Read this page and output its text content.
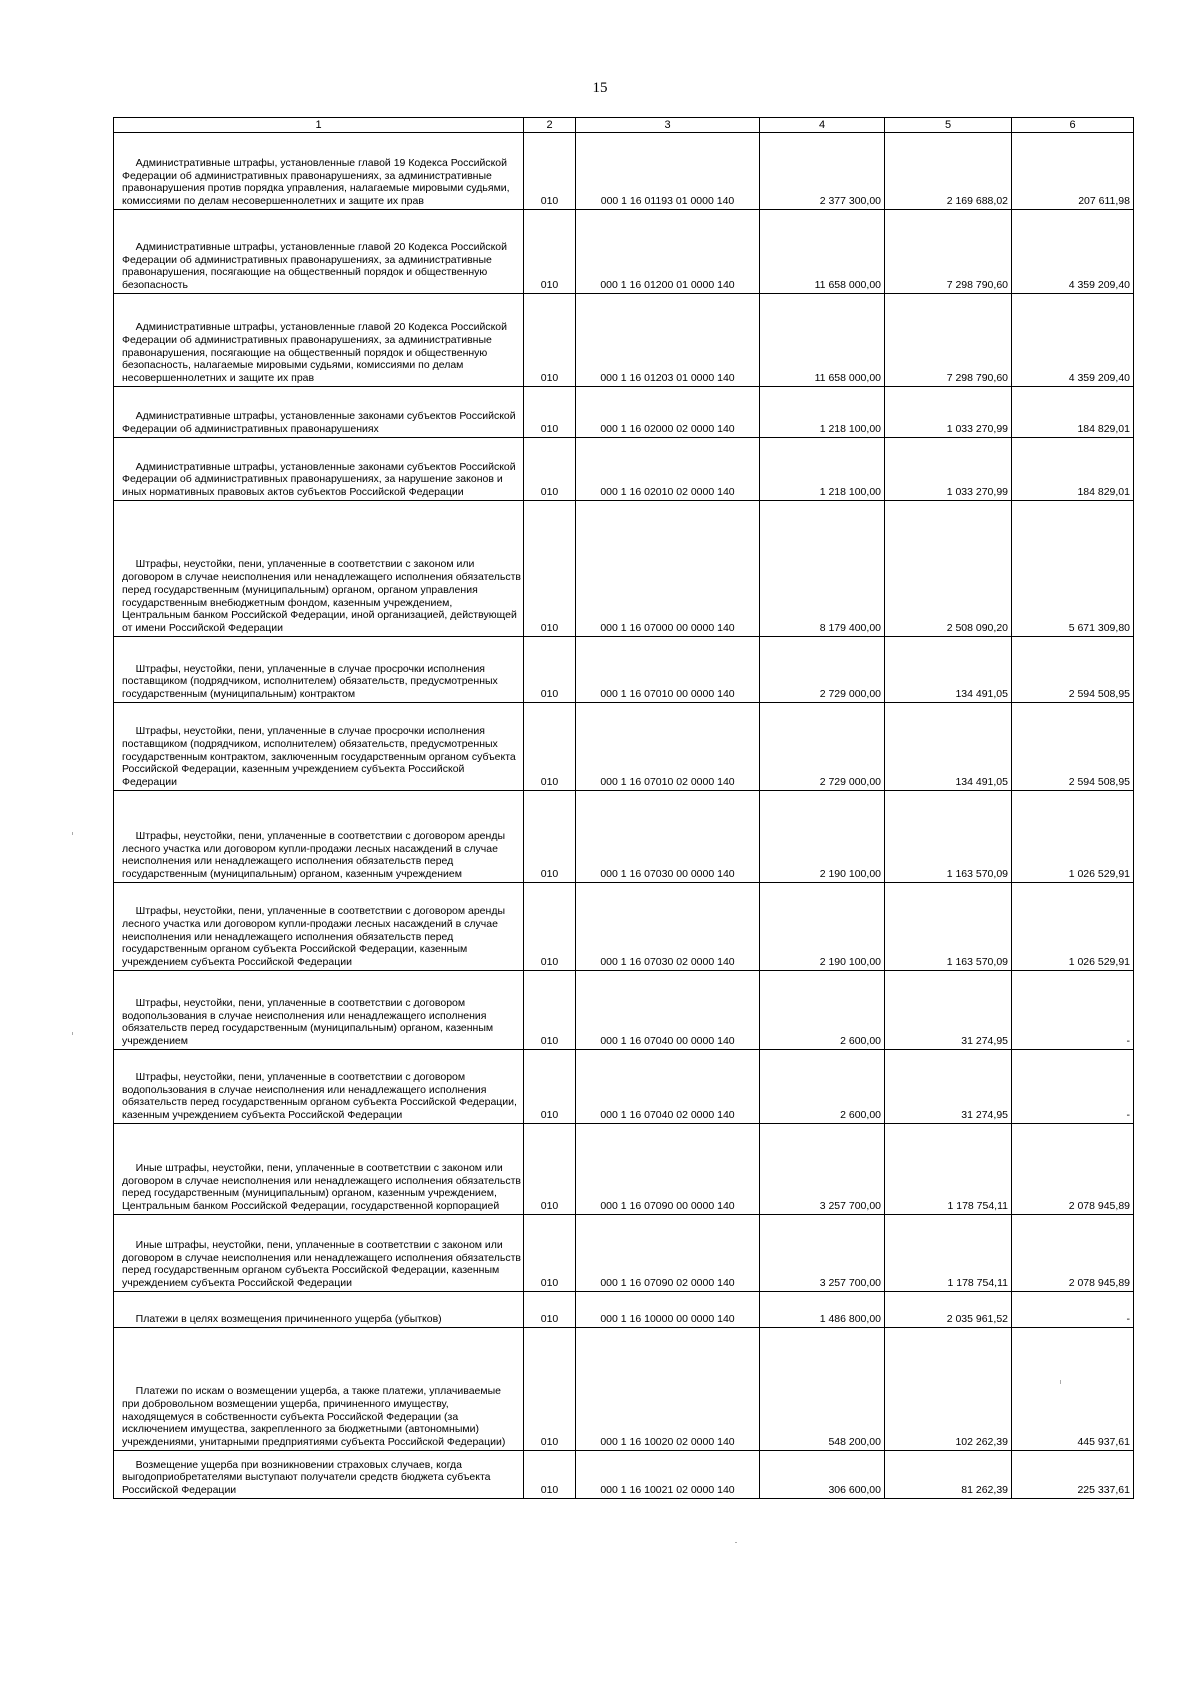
15
1	2	3	4	5	6
Административные штрафы, установленные главой 19 Кодекса Российской Федерации об административных правонарушениях, за административные правонарушения против порядка управления, налагаемые мировыми судьями, комиссиями по делам несовершеннолетних и защите их прав	010	000 1 16 01193 01 0000 140	2 377 300,00	2 169 688,02	207 611,98
Административные штрафы, установленные главой 20 Кодекса Российской Федерации об административных правонарушениях, за административные правонарушения, посягающие на общественный порядок и общественную безопасность	010	000 1 16 01200 01 0000 140	11 658 000,00	7 298 790,60	4 359 209,40
Административные штрафы, установленные главой 20 Кодекса Российской Федерации об административных правонарушениях, за административные правонарушения, посягающие на общественный порядок и общественную безопасность, налагаемые мировыми судьями, комиссиями по делам несовершеннолетних и защите их прав	010	000 1 16 01203 01 0000 140	11 658 000,00	7 298 790,60	4 359 209,40
Административные штрафы, установленные законами субъектов Российской Федерации об административных правонарушениях	010	000 1 16 02000 02 0000 140	1 218 100,00	1 033 270,99	184 829,01
Административные штрафы, установленные законами субъектов Российской Федерации об административных правонарушениях, за нарушение законов и иных нормативных правовых актов субъектов Российской Федерации	010	000 1 16 02010 02 0000 140	1 218 100,00	1 033 270,99	184 829,01
Штрафы, неустойки, пени, уплаченные в соответствии с законом или договором в случае неисполнения или ненадлежащего исполнения обязательств перед государственным (муниципальным) органом, органом управления государственным внебюджетным фондом, казенным учреждением, Центральным банком Российской Федерации, иной организацией, действующей от имени Российской Федерации	010	000 1 16 07000 00 0000 140	8 179 400,00	2 508 090,20	5 671 309,80
Штрафы, неустойки, пени, уплаченные в случае просрочки исполнения поставщиком (подрядчиком, исполнителем) обязательств, предусмотренных государственным (муниципальным) контрактом	010	000 1 16 07010 00 0000 140	2 729 000,00	134 491,05	2 594 508,95
Штрафы, неустойки, пени, уплаченные в случае просрочки исполнения поставщиком (подрядчиком, исполнителем) обязательств, предусмотренных государственным контрактом, заключенным государственным органом субъекта Российской Федерации, казенным учреждением субъекта Российской Федерации	010	000 1 16 07010 02 0000 140	2 729 000,00	134 491,05	2 594 508,95
Штрафы, неустойки, пени, уплаченные в соответствии с договором аренды лесного участка или договором купли-продажи лесных насаждений в случае неисполнения или ненадлежащего исполнения обязательств перед государственным (муниципальным) органом, казенным учреждением	010	000 1 16 07030 00 0000 140	2 190 100,00	1 163 570,09	1 026 529,91
Штрафы, неустойки, пени, уплаченные в соответствии с договором аренды лесного участка или договором купли-продажи лесных насаждений в случае неисполнения или ненадлежащего исполнения обязательств перед государственным органом субъекта Российской Федерации, казенным учреждением субъекта Российской Федерации	010	000 1 16 07030 02 0000 140	2 190 100,00	1 163 570,09	1 026 529,91
Штрафы, неустойки, пени, уплаченные в соответствии с договором водопользования в случае неисполнения или ненадлежащего исполнения обязательств перед государственным (муниципальным) органом, казенным учреждением	010	000 1 16 07040 00 0000 140	2 600,00	31 274,95	-
Штрафы, неустойки, пени, уплаченные в соответствии с договором водопользования в случае неисполнения или ненадлежащего исполнения обязательств перед государственным органом субъекта Российской Федерации, казенным учреждением субъекта Российской Федерации	010	000 1 16 07040 02 0000 140	2 600,00	31 274,95	-
Иные штрафы, неустойки, пени, уплаченные в соответствии с законом или договором в случае неисполнения или ненадлежащего исполнения обязательств перед государственным (муниципальным) органом, казенным учреждением, Центральным банком Российской Федерации, государственной корпорацией	010	000 1 16 07090 00 0000 140	3 257 700,00	1 178 754,11	2 078 945,89
Иные штрафы, неустойки, пени, уплаченные в соответствии с законом или договором в случае неисполнения или ненадлежащего исполнения обязательств перед государственным органом субъекта Российской Федерации, казенным учреждением субъекта Российской Федерации	010	000 1 16 07090 02 0000 140	3 257 700,00	1 178 754,11	2 078 945,89
Платежи в целях возмещения причиненного ущерба (убытков)	010	000 1 16 10000 00 0000 140	1 486 800,00	2 035 961,52	-
Платежи по искам о возмещении ущерба, а также платежи, уплачиваемые при добровольном возмещении ущерба, причиненного имуществу, находящемуся в собственности субъекта Российской Федерации (за исключением имущества, закрепленного за бюджетными (автономными) учреждениями, унитарными предприятиями субъекта Российской Федерации)	010	000 1 16 10020 02 0000 140	548 200,00	102 262,39	445 937,61
Возмещение ущерба при возникновении страховых случаев, когда выгодоприобретателями выступают получатели средств бюджета субъекта Российской Федерации	010	000 1 16 10021 02 0000 140	306 600,00	81 262,39	225 337,61
